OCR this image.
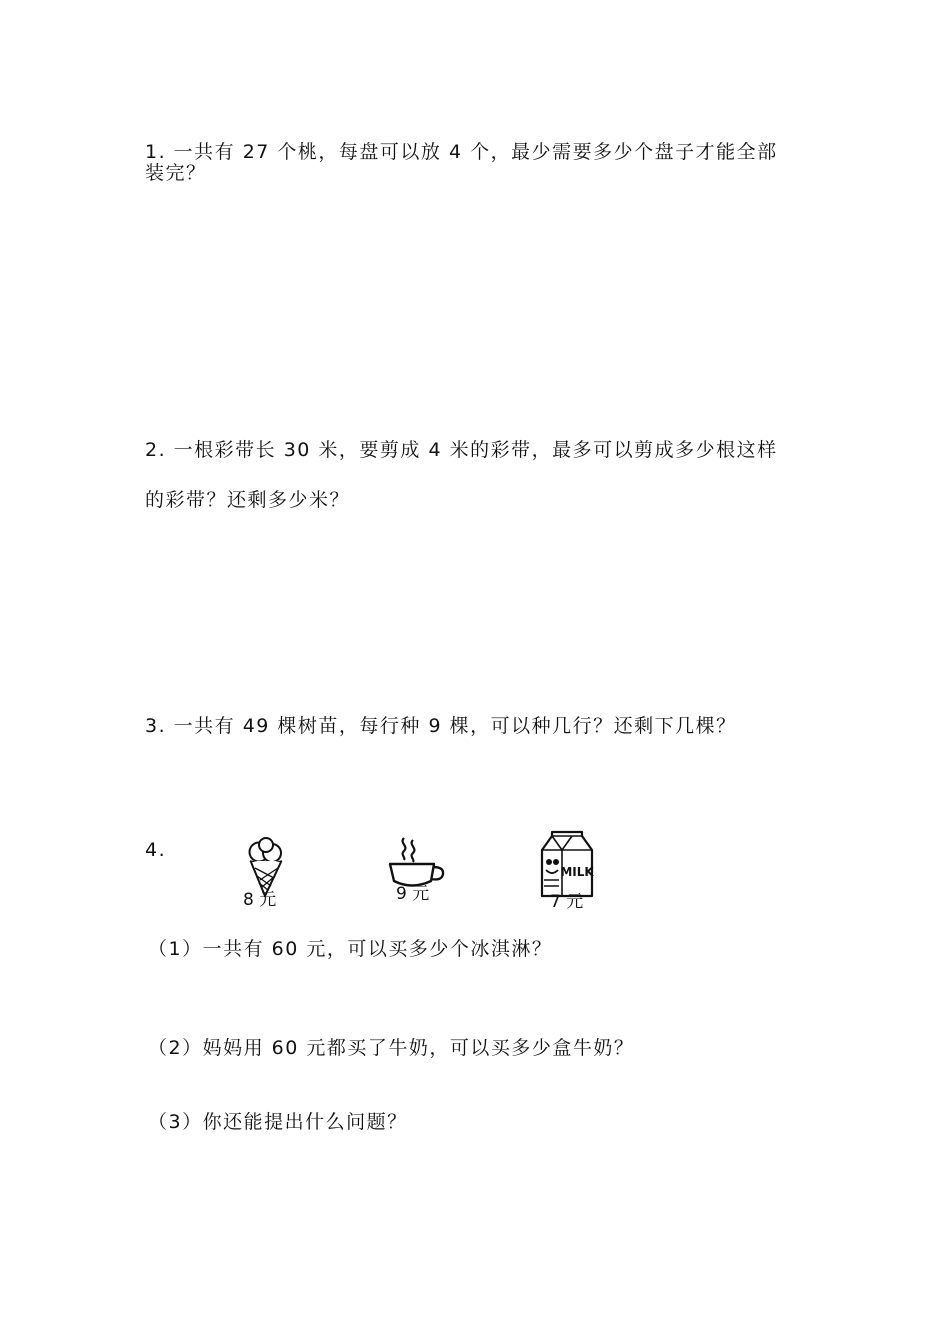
1. 一共有 27 个桃，每盘可以放 4 个，最少需要多少个盘子才能全部
装完？
2. 一根彩带长 30 米，要剪成 4 米的彩带，最多可以剪成多少根这样
的彩带？还剩多少米？
3. 一共有 49 棵树苗，每行种 9 棵，可以种几行？还剩下几棵？
4.
8 元	9 元
MILK
7 元
（1）一共有 60 元，可以买多少个冰淇淋？
（2）妈妈用 60 元都买了牛奶，可以买多少盒牛奶？
（3）你还能提出什么问题？
